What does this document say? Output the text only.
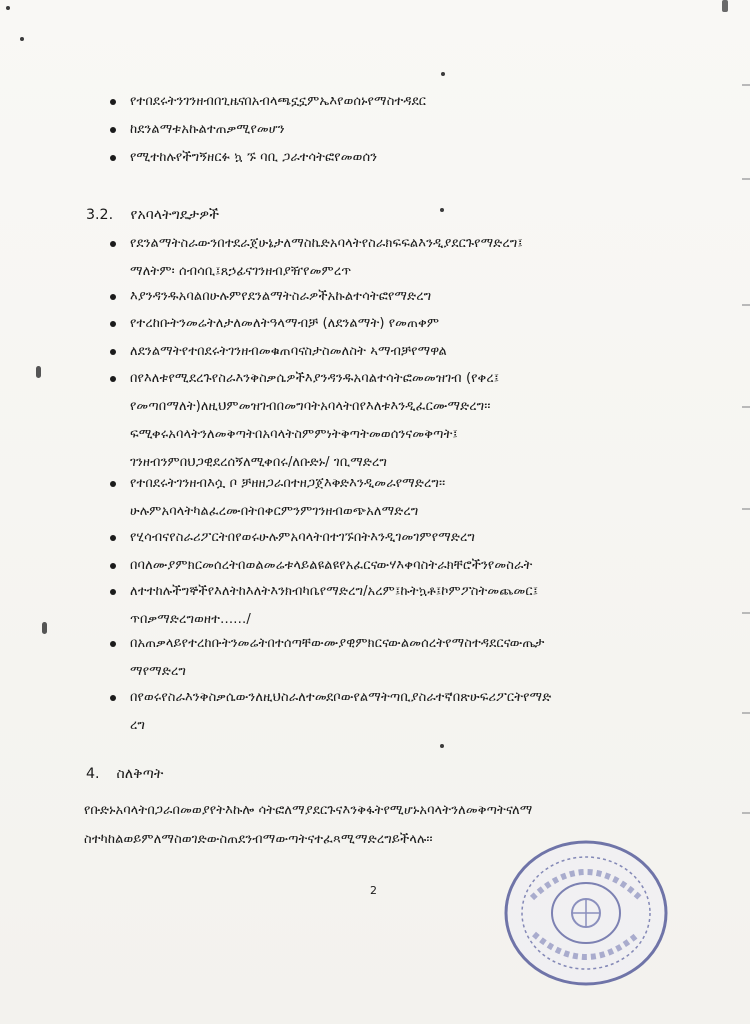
የተበደሩትንገንዘብበጊዜናበአብላጫኗኗምኤእየወሰኑየማስተዳደር
ከደንልማቱአኩልተጠቃሚየመሆን
የሚተከሉየችግኝዘርፉ ኳ ኙ ባቢ ጋራተሳትፎየመወሰን
3.2. የአባላትግዴታዎች
የደንልማትስራውንበተደራጀሁኔታለማስኬድአባላትየስራክፍፍልእንዲያደርጉየማድረግ፤
ማለትም፡ ሰብሳቢ፤ጸኃፊናገንዘብያዥየመምረጥ
እያንዳንዱአባልበሁሉምየደንልማትስራዎችአኩልተሳትፎየማድረግ
የተረከቡትንመሬትለታለመለትዓላማብቻ (ለደንልማት) የመጠቀም
ለደንልማትየተበደሩትገንዘብመቁጠባናስታስመለስት ኣማብቻየማዋል
በየእለቱየሚደረጉየስራእንቅስቃሴዎችእያንዳንዱአባልተሳትፎመመዝገብ (የቀረ፤
የመጣበማለት)ለዚህምመዝገብበመግባትአባላትበየእለቱእንዲፈርሙማድረግ፡፡
ፍሚቀሩአባላትንለመቅጣትበአባላትስምምነትቅጣትመወሰንናመቅጣት፤
ገንዘብንምበህጋዊደረሰኝለሚቀበሩ/ለቡድኑ/ ገቢማድረግ
የተበደሩትገንዘብእሷ ቦ ቻዘዘጋራበተዘጋጀእቅድእንዲመራየማድረግ፡፡
ሁሉምአባላትካልፈረሙበትበቀርምንምገንዘብወጭአለማድረግ
የሂሳብናየስራሪፖርትበየወሩሁሉምአባላትበተገኙበትእንዲገመገምየማድረግ
በባለሙያምክርመሰረትበወልመሬቱላይልዩልዩየአፈርናውሃእቀባስትራክቸሮችንየመስራት
ለተተከሉችግኞችየእለትከእለትእንክብካቤየማድረግ/አረም፤ኩትኳቶ፤ኮምፖስትመጨመር፤
ጥበቃማድረግወዘተ……/
በአጠቃላይየተረከቡትንመሬትበተሰጣቸውሙያዊምክርናውልመሰረትየማስተዳደርናውጤታ
ማየማድረግ
በየወሩየስራእንቅስቃሴውንለዚህስራለተመደቦውየልማትጣቢያስራተኛበጽሁፍሪፖርትየማድ
ረግ
4. ስለቅጣት
የቡድኑአባላትበጋራበመወያየትእኩሎ ሳትፎለማያደርጉናእንቅፋትየሚሆኑአባላትንለመቅጣትናለማ
ስተካከልወይምለማስወገድውስጠደንብማውጣትናተፈጻሚማድረግይችላሉ፡፡
2
